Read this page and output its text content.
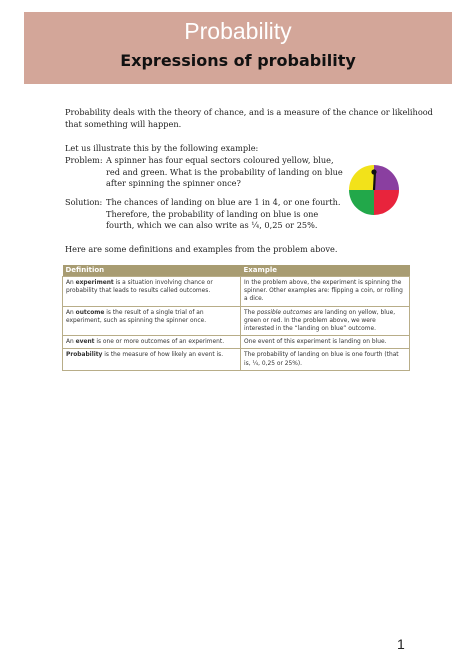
Probability
Expressions of probability
Probability deals with the theory of chance, and is a measure of the chance or likelihood
that something will happen.
Let us illustrate this by the following example:
Problem: A spinner has four equal sectors coloured yellow, blue,
red and green. What is the probability of landing on blue
after spinning the spinner once?
Solution: The chances of landing on blue are 1 in 4, or one fourth.
Therefore, the probability of landing on blue is one
fourth, which we can also write as ¼, 0,25 or 25%.
Here are some definitions and examples from the problem above.
Definition	Example
An experiment is a situation involving chance or probability that leads to results called outcomes.	In the problem above, the experiment is spinning the spinner. Other examples are: flipping a coin, or rolling a dice.
An outcome is the result of a single trial of an experiment, such as spinning the spinner once.	The possible outcomes are landing on yellow, blue, green or red. In the problem above, we were interested in the “landing on blue” outcome.
An event is one or more outcomes of an experiment.	One event of this experiment is landing on blue.
Probability is the measure of how likely an event is.	The probability of landing on blue is one fourth (that is, ¼, 0,25 or 25%).
1
